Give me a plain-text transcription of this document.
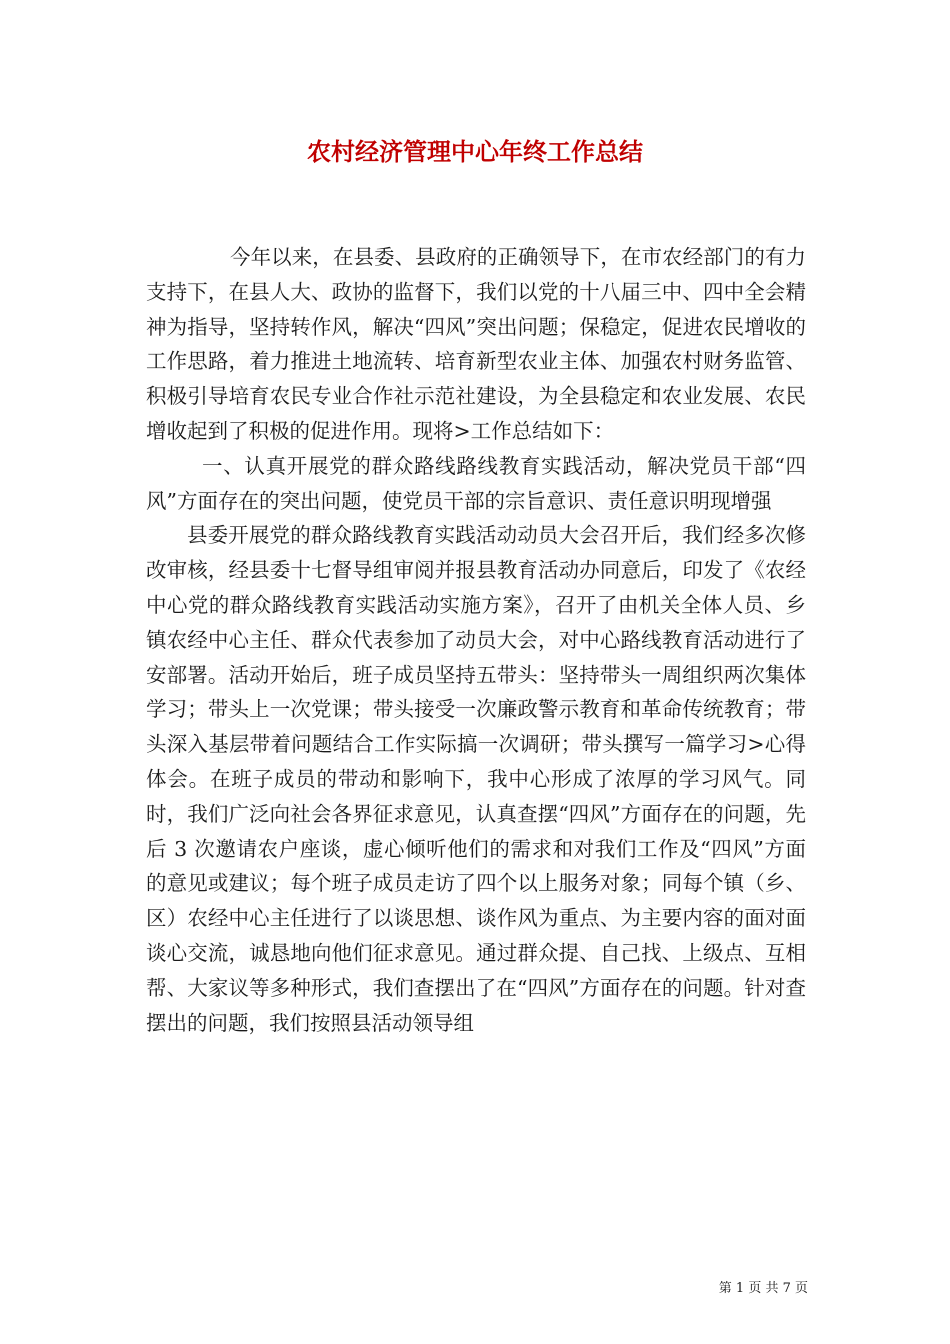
农村经济管理中心年终工作总结

今年以来，在县委、县政府的正确领导下，在市农经部门的有力支持下，在县人大、政协的监督下，我们以党的十八届三中、四中全会精神为指导，坚持转作风，解决“四风”突出问题；保稳定，促进农民增收的工作思路，着力推进土地流转、培育新型农业主体、加强农村财务监管、积极引导培育农民专业合作社示范社建设，为全县稳定和农业发展、农民增收起到了积极的促进作用。现将>工作总结如下：

一、认真开展党的群众路线路线教育实践活动，解决党员干部“四风”方面存在的突出问题，使党员干部的宗旨意识、责任意识明现增强

县委开展党的群众路线教育实践活动动员大会召开后，我们经多次修改审核，经县委十七督导组审阅并报县教育活动办同意后，印发了《农经中心党的群众路线教育实践活动实施方案》，召开了由机关全体人员、乡镇农经中心主任、群众代表参加了动员大会，对中心路线教育活动进行了安部署。活动开始后，班子成员坚持五带头：坚持带头一周组织两次集体学习；带头上一次党课；带头接受一次廉政警示教育和革命传统教育；带头深入基层带着问题结合工作实际搞一次调研；带头撰写一篇学习>心得体会。在班子成员的带动和影响下，我中心形成了浓厚的学习风气。同时，我们广泛向社会各界征求意见，认真查摆“四风”方面存在的问题，先后 3 次邀请农户座谈，虚心倾听他们的需求和对我们工作及“四风”方面的意见或建议；每个班子成员走访了四个以上服务对象；同每个镇（乡、区）农经中心主任进行了以谈思想、谈作风为重点、为主要内容的面对面谈心交流，诚恳地向他们征求意见。通过群众提、自己找、上级点、互相帮、大家议等多种形式，我们查摆出了在“四风”方面存在的问题。针对查摆出的问题，我们按照县活动领导组

第 1 页 共 7 页
